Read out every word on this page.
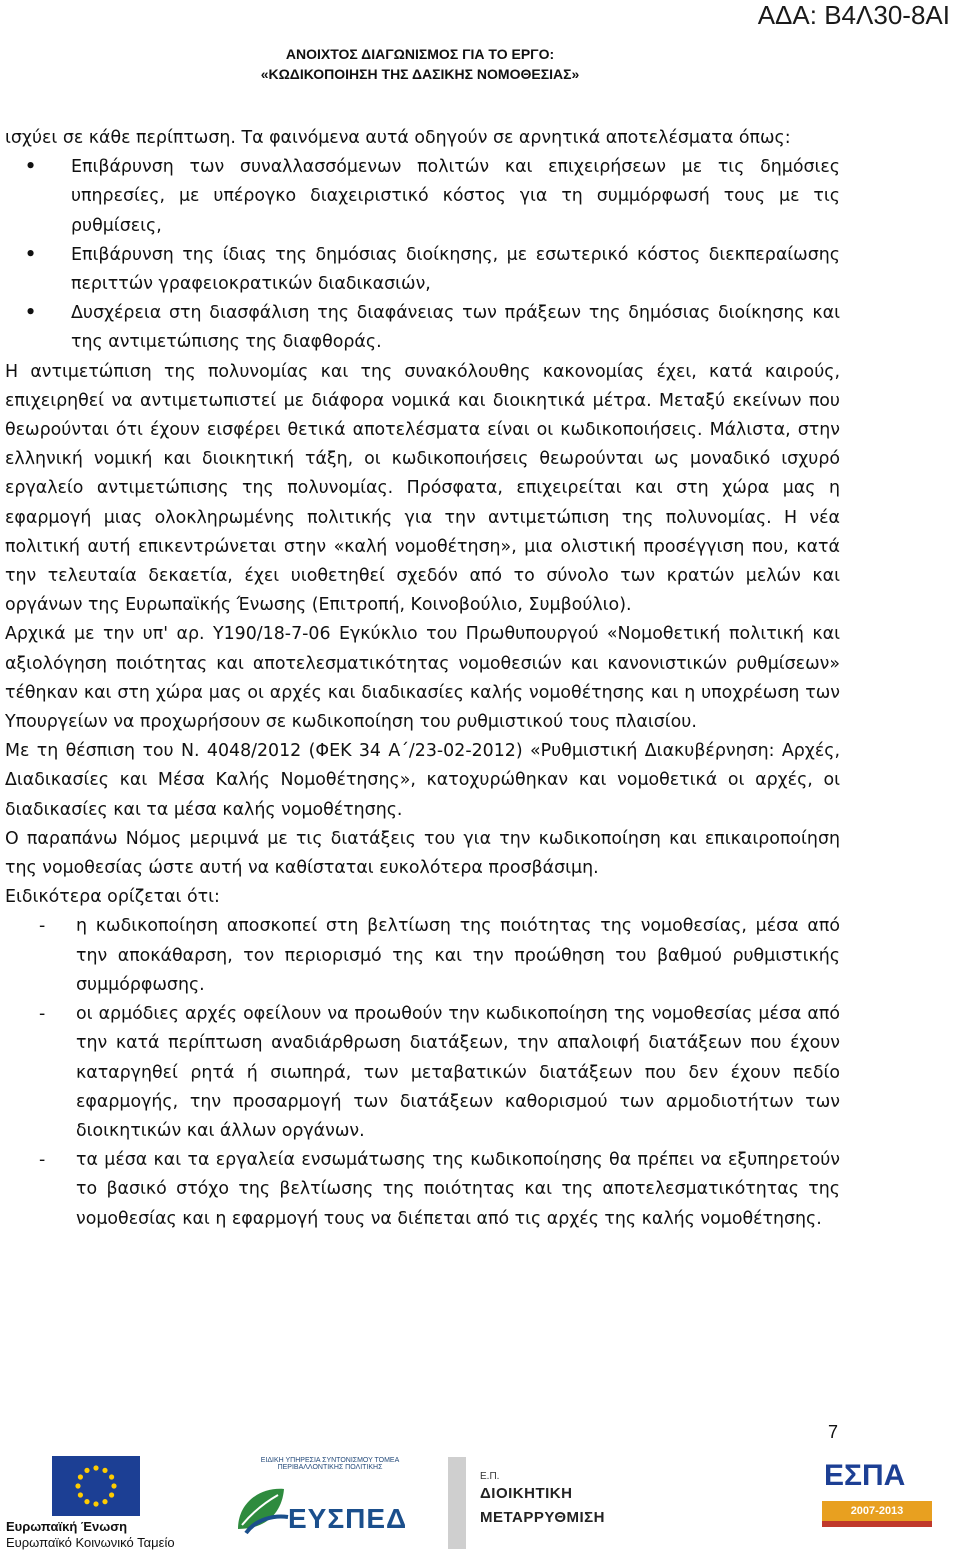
ΑΔΑ: Β4Λ30-8ΑΙ
ΑΝΟΙΧΤΟΣ ΔΙΑΓΩΝΙΣΜΟΣ ΓΙΑ ΤΟ ΕΡΓΟ:
«ΚΩΔΙΚΟΠΟΙΗΣΗ ΤΗΣ ΔΑΣΙΚΗΣ ΝΟΜΟΘΕΣΙΑΣ»

ισχύει σε κάθε περίπτωση. Τα φαινόμενα αυτά οδηγούν σε αρνητικά αποτελέσματα όπως:

• Επιβάρυνση των συναλλασσόμενων πολιτών και επιχειρήσεων με τις δημόσιες υπηρεσίες, με υπέρογκο διαχειριστικό κόστος για τη συμμόρφωσή τους με τις ρυθμίσεις,
• Επιβάρυνση της ίδιας της δημόσιας διοίκησης, με εσωτερικό κόστος διεκπεραίωσης περιττών γραφειοκρατικών διαδικασιών,
• Δυσχέρεια στη διασφάλιση της διαφάνειας των πράξεων της δημόσιας διοίκησης και της αντιμετώπισης της διαφθοράς.

Η αντιμετώπιση της πολυνομίας και της συνακόλουθης κακονομίας έχει, κατά καιρούς, επιχειρηθεί να αντιμετωπιστεί με διάφορα νομικά και διοικητικά μέτρα. Μεταξύ εκείνων που θεωρούνται ότι έχουν εισφέρει θετικά αποτελέσματα είναι οι κωδικοποιήσεις. Μάλιστα, στην ελληνική νομική και διοικητική τάξη, οι κωδικοποιήσεις θεωρούνται ως μοναδικό ισχυρό εργαλείο αντιμετώπισης της πολυνομίας. Πρόσφατα, επιχειρείται και στη χώρα μας η εφαρμογή μιας ολοκληρωμένης πολιτικής για την αντιμετώπιση της πολυνομίας. Η νέα πολιτική αυτή επικεντρώνεται στην «καλή νομοθέτηση», μια ολιστική προσέγγιση που, κατά την τελευταία δεκαετία, έχει υιοθετηθεί σχεδόν από το σύνολο των κρατών μελών και οργάνων της Ευρωπαϊκής Ένωσης (Επιτροπή, Κοινοβούλιο, Συμβούλιο).

Αρχικά με την υπ' αρ. Υ190/18-7-06 Εγκύκλιο του Πρωθυπουργού «Νομοθετική πολιτική και αξιολόγηση ποιότητας και αποτελεσματικότητας νομοθεσιών και κανονιστικών ρυθμίσεων» τέθηκαν και στη χώρα μας οι αρχές και διαδικασίες καλής νομοθέτησης και η υποχρέωση των Υπουργείων να προχωρήσουν σε κωδικοποίηση του ρυθμιστικού τους πλαισίου.

Με τη θέσπιση του Ν. 4048/2012 (ΦΕΚ 34 Α΄/23-02-2012) «Ρυθμιστική Διακυβέρνηση: Αρχές, Διαδικασίες και Μέσα Καλής Νομοθέτησης», κατοχυρώθηκαν και νομοθετικά οι αρχές, οι διαδικασίες και τα μέσα καλής νομοθέτησης.

Ο παραπάνω Νόμος μεριμνά με τις διατάξεις του για την κωδικοποίηση και επικαιροποίηση της νομοθεσίας ώστε αυτή να καθίσταται ευκολότερα προσβάσιμη.

Ειδικότερα ορίζεται ότι:

- η κωδικοποίηση αποσκοπεί στη βελτίωση της ποιότητας της νομοθεσίας, μέσα από την αποκάθαρση, τον περιορισμό της και την προώθηση του βαθμού ρυθμιστικής συμμόρφωσης.
- οι αρμόδιες αρχές οφείλουν να προωθούν την κωδικοποίηση της νομοθεσίας μέσα από την κατά περίπτωση αναδιάρθρωση διατάξεων, την απαλοιφή διατάξεων που έχουν καταργηθεί ρητά ή σιωπηρά, των μεταβατικών διατάξεων που δεν έχουν πεδίο εφαρμογής, την προσαρμογή των διατάξεων καθορισμού των αρμοδιοτήτων των διοικητικών και άλλων οργάνων.
- τα μέσα και τα εργαλεία ενσωμάτωσης της κωδικοποίησης θα πρέπει να εξυπηρετούν το βασικό στόχο της βελτίωσης της ποιότητας και της αποτελεσματικότητας της νομοθεσίας και η εφαρμογή τους να διέπεται από τις αρχές της καλής νομοθέτησης.
7
Ευρωπαϊκή Ένωση
Ευρωπαϊκό Κοινωνικό Ταμείο
ΕΙΔΙΚΗ ΥΠΗΡΕΣΙΑ ΣΥΝΤΟΝΙΣΜΟΥ ΤΟΜΕΑ
ΠΕΡΙΒΑΛΛΟΝΤΙΚΗΣ ΠΟΛΙΤΙΚΗΣ
ΕΥΣΠΕΔ
Ε.Π.
ΔΙΟΙΚΗΤΙΚΗ
ΜΕΤΑΡΡΥΘΜΙΣΗ
ΕΣΠΑ
2007-2013
